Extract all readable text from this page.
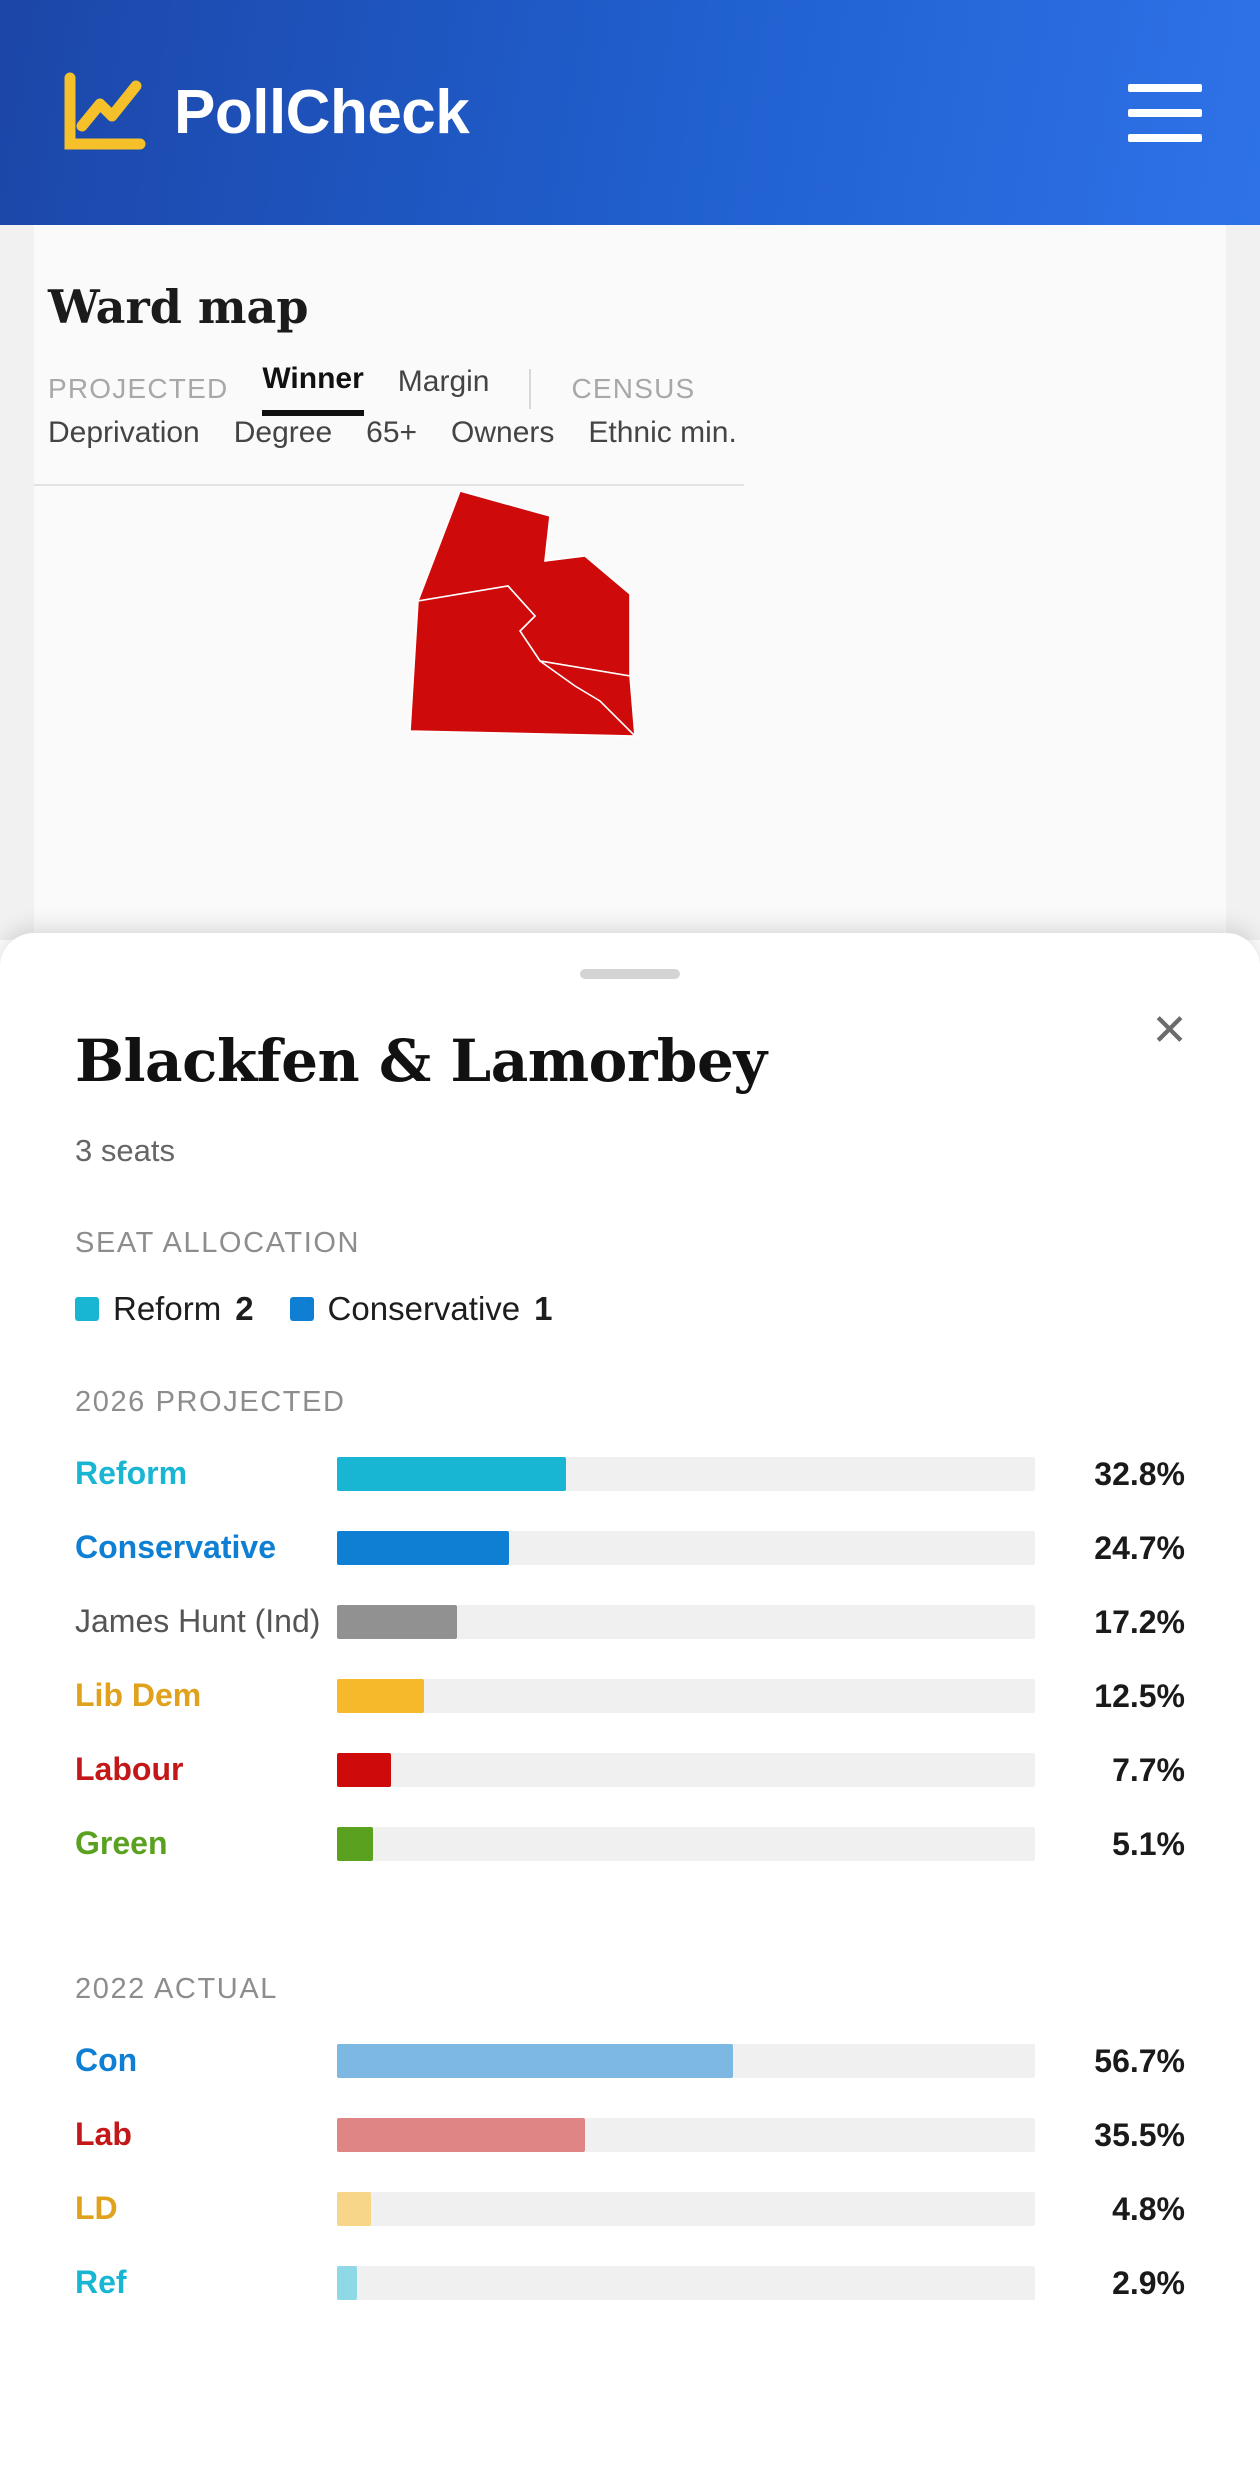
PollCheck
Ward map
PROJECTED Winner Margin	CENSUS
Deprivation Degree 65+ Owners Ethnic min.
✕
Blackfen & Lamorbey
3 seats
SEAT ALLOCATION
Reform 2 Conservative 1
2026 PROJECTED
Reform	32.8%
Conservative	24.7%
James Hunt (Ind)	17.2%
Lib Dem	12.5%
Labour	7.7%
Green	5.1%
2022 ACTUAL
Con	56.7%
Lab	35.5%
LD	4.8%
Ref	2.9%
